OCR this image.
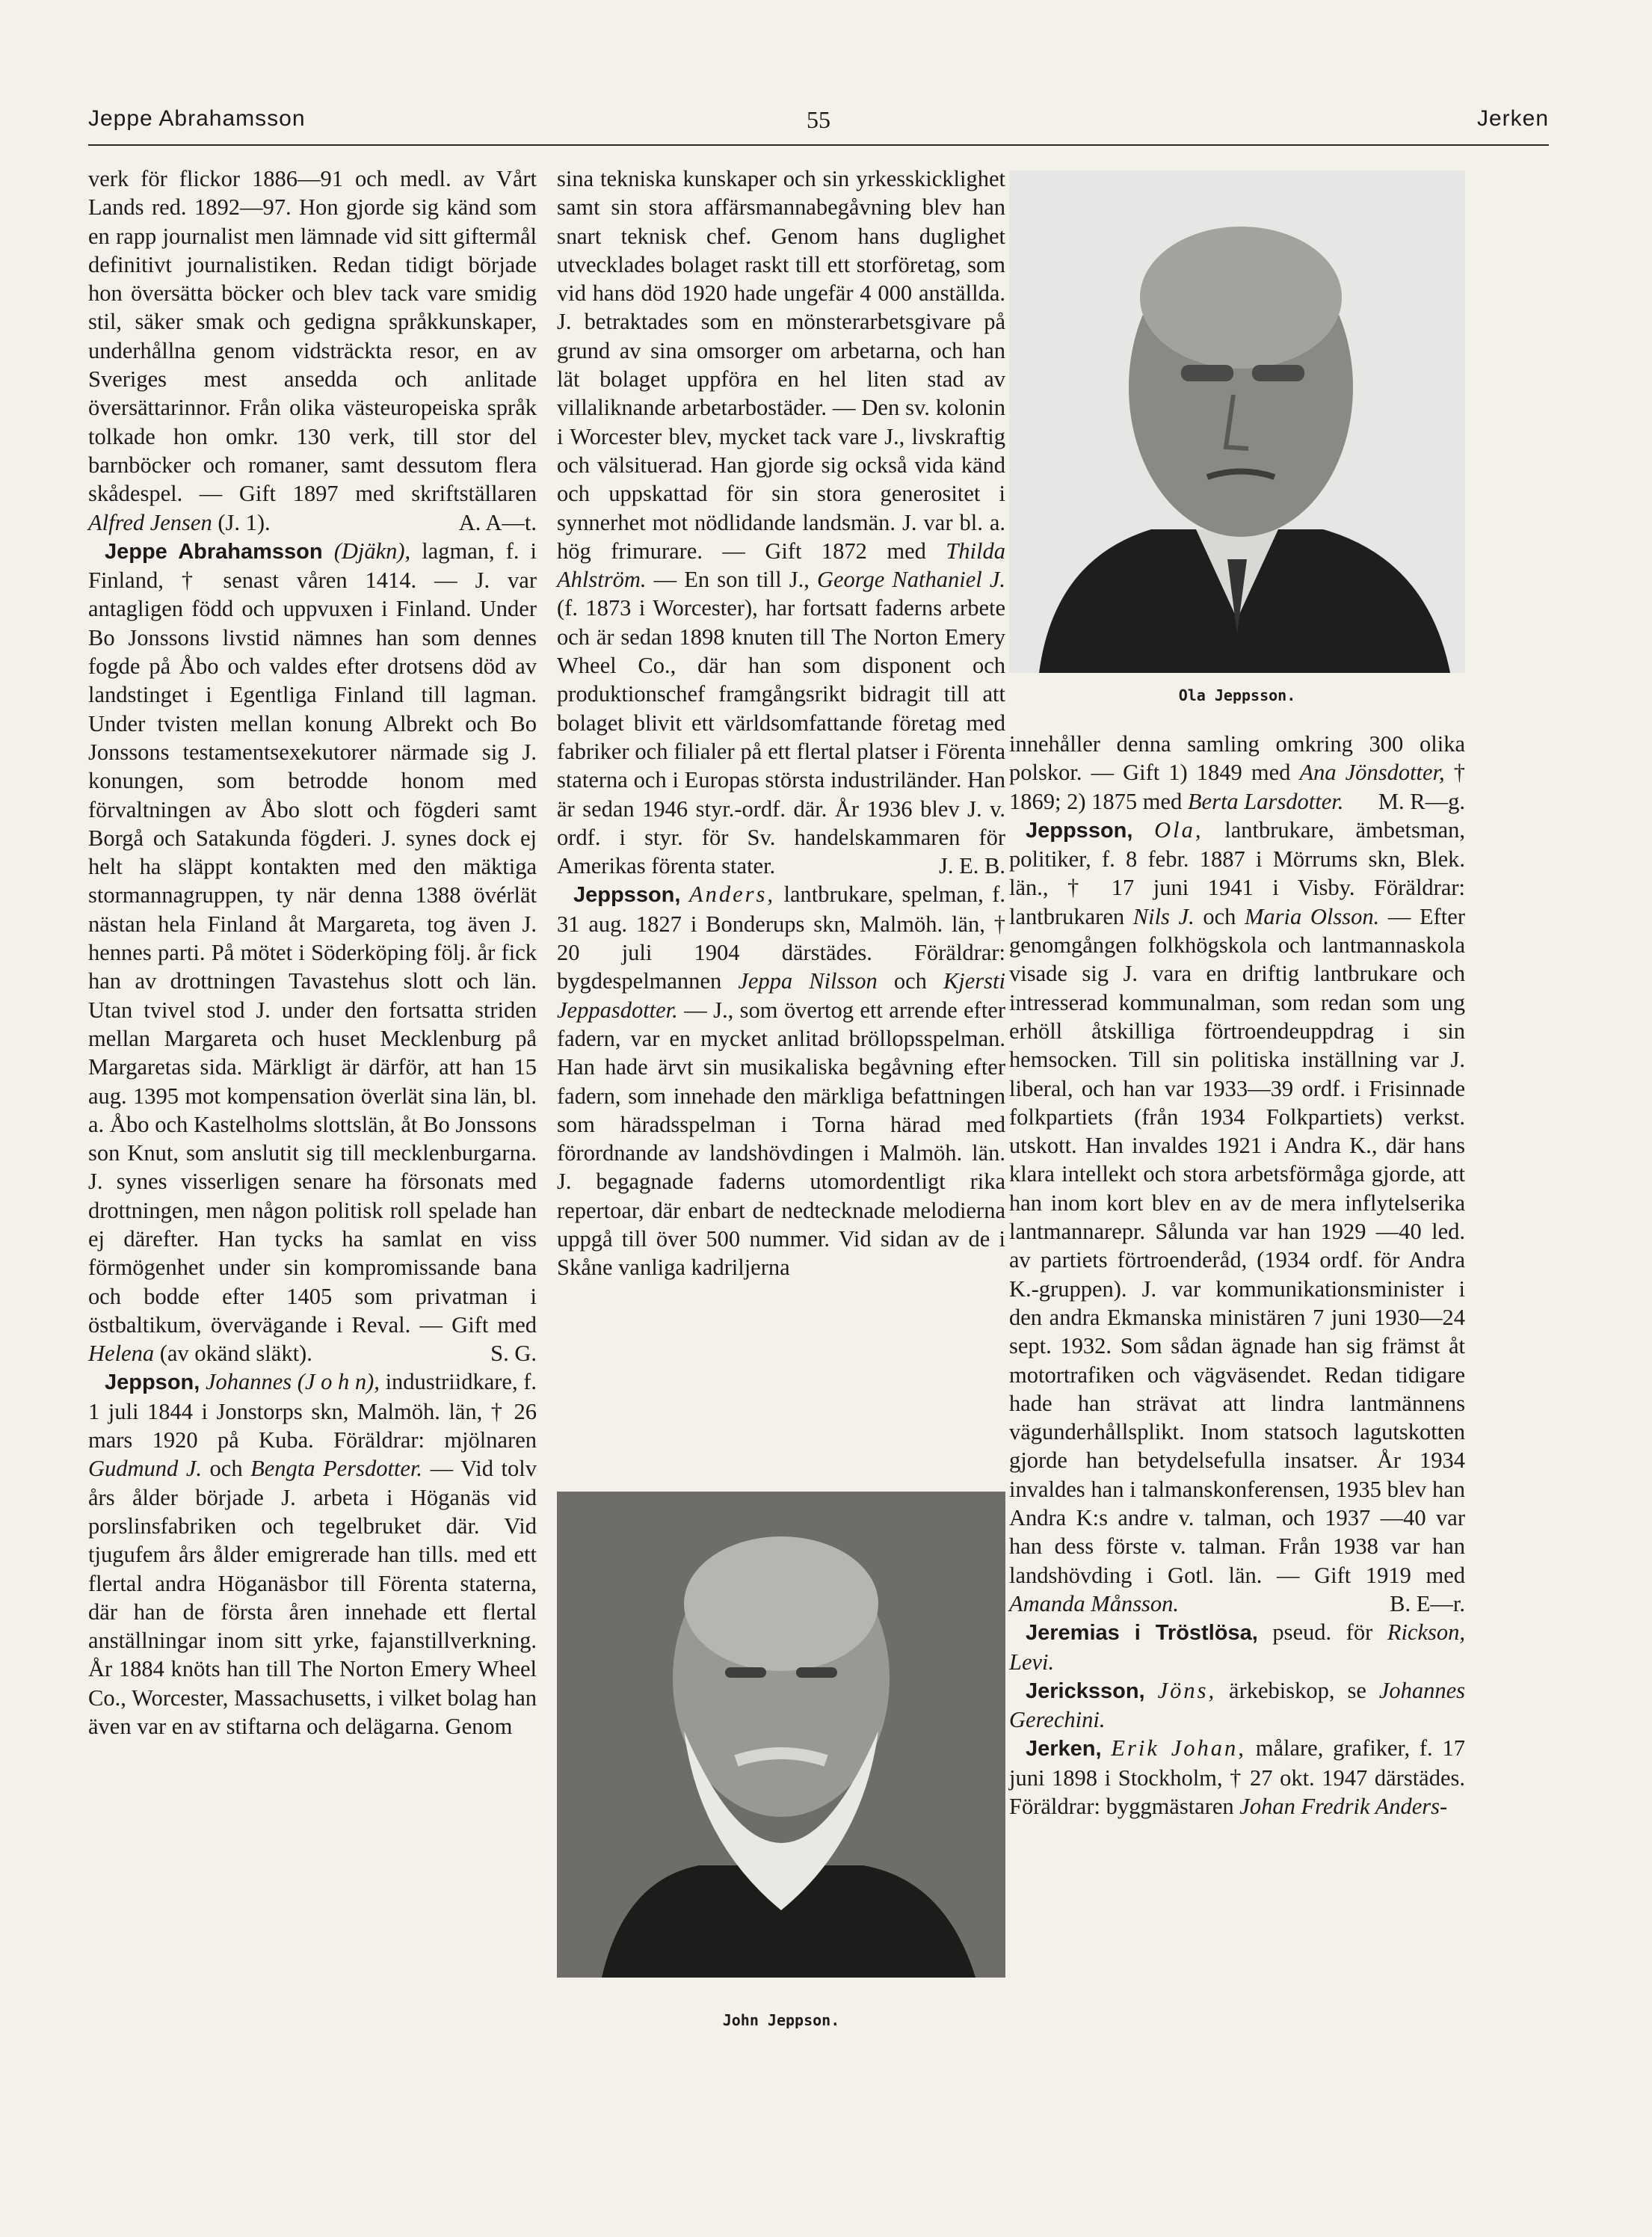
Jeppe Abrahamsson	55	Jerken

verk för flickor 1886—91 och medl. av Vårt Lands red. 1892—97. Hon gjorde sig känd som en rapp journalist men lämnade vid sitt giftermål definitivt journalistiken. Redan tidigt började hon översätta böcker och blev tack vare smidig stil, säker smak och gedigna språkkunskaper, underhållna genom vidsträckta resor, en av Sveriges mest ansedda och anlitade översättarinnor. Från olika västeuropeiska språk tolkade hon omkr. 130 verk, till stor del barnböcker och romaner, samt dessutom flera skådespel. — Gift 1897 med skriftställaren Alfred Jensen (J. 1).	A. A—t.

Jeppe Abrahamsson (Djäkn), lagman, f. i Finland, † senast våren 1414. — J. var antagligen född och uppvuxen i Finland. Under Bo Jonssons livstid nämnes han som dennes fogde på Åbo och valdes efter drotsens död av landstinget i Egentliga Finland till lagman. Under tvisten mellan konung Albrekt och Bo Jonssons testamentsexekutorer närmade sig J. konungen, som betrodde honom med förvaltningen av Åbo slott och fögderi samt Borgå och Satakunda fögderi. J. synes dock ej helt ha släppt kontakten med den mäktiga stormannagruppen, ty när denna 1388 övérlät nästan hela Finland åt Margareta, tog även J. hennes parti. På mötet i Söderköping följ. år fick han av drottningen Tavastehus slott och län. Utan tvivel stod J. under den fortsatta striden mellan Margareta och huset Mecklenburg på Margaretas sida. Märkligt är därför, att han 15 aug. 1395 mot kompensation överlät sina län, bl. a. Åbo och Kastelholms slottslän, åt Bo Jonssons son Knut, som anslutit sig till mecklenburgarna. J. synes visserligen senare ha försonats med drottningen, men någon politisk roll spelade han ej därefter. Han tycks ha samlat en viss förmögenhet under sin kompromissande bana och bodde efter 1405 som privatman i östbaltikum, övervägande i Reval. — Gift med Helena (av okänd släkt).	S. G.

Jeppson, Johannes (J o h n), industriidkare, f. 1 juli 1844 i Jonstorps skn, Malmöh. län, † 26 mars 1920 på Kuba. Föräldrar: mjölnaren Gudmund J. och Bengta Persdotter. — Vid tolv års ålder började J. arbeta i Höganäs vid porslinsfabriken och tegelbruket där. Vid tjugufem års ålder emigrerade han tills. med ett flertal andra Höganäsbor till Förenta staterna, där han de första åren innehade ett flertal anställningar inom sitt yrke, fajanstillverkning. År 1884 knöts han till The Norton Emery Wheel Co., Worcester, Massachusetts, i vilket bolag han även var en av stiftarna och delägarna. Genom

sina tekniska kunskaper och sin yrkesskicklighet samt sin stora affärsmannabegåvning blev han snart teknisk chef. Genom hans duglighet utvecklades bolaget raskt till ett storföretag, som vid hans död 1920 hade ungefär 4 000 anställda. J. betraktades som en mönsterarbetsgivare på grund av sina omsorger om arbetarna, och han lät bolaget uppföra en hel liten stad av villaliknande arbetarbostäder. — Den sv. kolonin i Worcester blev, mycket tack vare J., livskraftig och välsituerad. Han gjorde sig också vida känd och uppskattad för sin stora generositet i synnerhet mot nödlidande landsmän. J. var bl. a. hög frimurare. — Gift 1872 med Thilda Ahlström. — En son till J., George Nathaniel J. (f. 1873 i Worcester), har fortsatt faderns arbete och är sedan 1898 knuten till The Norton Emery Wheel Co., där han som disponent och produktionschef framgångsrikt bidragit till att bolaget blivit ett världsomfattande företag med fabriker och filialer på ett flertal platser i Förenta staterna och i Europas största industriländer. Han är sedan 1946 styr.-ordf. där. År 1936 blev J. v. ordf. i styr. för Sv. handelskammaren för Amerikas förenta stater.	J. E. B.

Jeppsson, Anders, lantbrukare, spelman, f. 31 aug. 1827 i Bonderups skn, Malmöh. län, † 20 juli 1904 därstädes. Föräldrar: bygdespelmannen Jeppa Nilsson och Kjersti Jeppasdotter. — J., som övertog ett arrende efter fadern, var en mycket anlitad bröllopsspelman. Han hade ärvt sin musikaliska begåvning efter fadern, som innehade den märkliga befattningen som häradsspelman i Torna härad med förordnande av landshövdingen i Malmöh. län. J. begagnade faderns utomordentligt rika repertoar, där enbart de nedtecknade melodierna uppgå till över 500 nummer. Vid sidan av de i Skåne vanliga kadriljerna

Ola Jeppsson.

innehåller denna samling omkring 300 olika polskor. — Gift 1) 1849 med Ana Jönsdotter, † 1869; 2) 1875 med Berta Larsdotter. M. R—g.

Jeppsson, Ola, lantbrukare, ämbetsman, politiker, f. 8 febr. 1887 i Mörrums skn, Blek. län., † 17 juni 1941 i Visby. Föräldrar: lantbrukaren Nils J. och Maria Olsson. — Efter genomgången folkhögskola och lantmannaskola visade sig J. vara en driftig lantbrukare och intresserad kommunalman, som redan som ung erhöll åtskilliga förtroendeuppdrag i sin hemsocken. Till sin politiska inställning var J. liberal, och han var 1933—39 ordf. i Frisinnade folkpartiets (från 1934 Folkpartiets) verkst. utskott. Han invaldes 1921 i Andra K., där hans klara intellekt och stora arbetsförmåga gjorde, att han inom kort blev en av de mera inflytelserika lantmannarepr. Sålunda var han 1929 —40 led. av partiets förtroenderåd, (1934 ordf. för Andra K.-gruppen). J. var kommunikationsminister i den andra Ekmanska ministären 7 juni 1930—24 sept. 1932. Som sådan ägnade han sig främst åt motortrafiken och vägväsendet. Redan tidigare hade han strävat att lindra lantmännens vägunderhållsplikt. Inom statsoch lagutskotten gjorde han betydelsefulla insatser. År 1934 invaldes han i talmanskonferensen, 1935 blev han Andra K:s andre v. talman, och 1937 —40 var han dess förste v. talman. Från 1938 var han landshövding i Gotl. län. — Gift 1919 med Amanda Månsson.	B. E—r.

Jeremias i Tröstlösa, pseud. för Rickson, Levi.

Jericksson, Jöns, ärkebiskop, se Johannes Gerechini.

Jerken, Erik Johan, målare, grafiker, f. 17 juni 1898 i Stockholm, † 27 okt. 1947 därstädes. Föräldrar: byggmästaren Johan Fredrik Anders-

John Jeppson.
